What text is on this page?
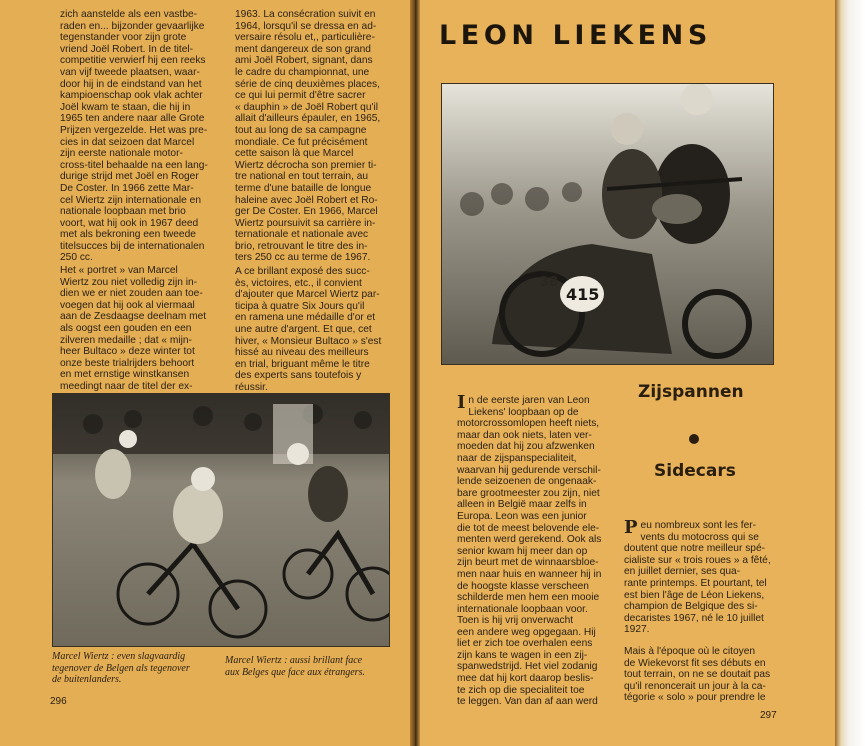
zich aanstelde als een vastbe-
raden en... bijzonder gevaarlijke
tegenstander voor zijn grote
vriend Joël Robert. In de titel-
competitie verwierf hij een reeks
van vijf tweede plaatsen, waar-
door hij in de eindstand van het
kampioenschap ook vlak achter
Joël kwam te staan, die hij in
1965 ten andere naar alle Grote
Prijzen vergezelde. Het was pre-
cies in dat seizoen dat Marcel
zijn eerste nationale motor-
cross-titel behaalde na een lang-
durige strijd met Joël en Roger
De Coster. In 1966 zette Mar-
cel Wiertz zijn internationale en
nationale loopbaan met brio
voort, wat hij ook in 1967 deed
met als bekroning een tweede
titelsucces bij de internationalen
250 cc.
Het « portret » van Marcel
Wiertz zou niet volledig zijn in-
dien we er niet zouden aan toe-
voegen dat hij ook al viermaal
aan de Zesdaagse deelnam met
als oogst een gouden en een
zilveren medaille ; dat « mijn-
heer Bultaco » deze winter tot
onze beste trialrijders behoort
en met ernstige winstkansen
meedingt naar de titel der ex-
1963. La consécration suivit en
1964, lorsqu'il se dressa en ad-
versaire résolu et,, particulière-
ment dangereux de son grand
ami Joël Robert, signant, dans
le cadre du championnat, une
série de cinq deuxièmes places,
ce qui lui permit d'être sacrer
« dauphin » de Joël Robert qu'il
allait d'ailleurs épauler, en 1965,
tout au long de sa campagne
mondiale. Ce fut précisément
cette saison là que Marcel
Wiertz décrocha son premier ti-
tre national en tout terrain, au
terme d'une bataille de longue
haleine avec Joël Robert et Ro-
ger De Coster. En 1966, Marcel
Wiertz poursuivit sa carrière in-
ternationale et nationale avec
brio, retrouvant le titre des in-
ters 250 cc au terme de 1967.
A ce brillant exposé des succ-
ès, victoires, etc., il convient
d'ajouter que Marcel Wiertz par-
ticipa à quatre Six Jours qu'il
en ramena une médaille d'or et
une autre d'argent. Et que, cet
hiver, « Monsieur Bultaco » s'est
hissé au niveau des meilleurs
en trial, briguant même le titre
des experts sans toutefois y
réussir.
Marcel Wiertz : even slagvaardig
tegenover de Belgen als tegenover
de buitenlanders.
Marcel Wiertz : aussi brillant face
aux Belges que face aux étrangers.
296
LEON LIEKENS
415
38
Zijspannen
Sidecars
I n de eerste jaren van Leon
Liekens' loopbaan op de
motorcrossomlopen heeft niets,
maar dan ook niets, laten ver-
moeden dat hij zou afzwenken
naar de zijspanspecialiteit,
waarvan hij gedurende verschil-
lende seizoenen de ongenaak-
bare grootmeester zou zijn, niet
alleen in België maar zelfs in
Europa. Leon was een junior
die tot de meest belovende ele-
menten werd gerekend. Ook als
senior kwam hij meer dan op
zijn beurt met de winnaarsbloe-
men naar huis en wanneer hij in
de hoogste klasse verscheen
schilderde men hem een mooie
internationale loopbaan voor.
Toen is hij vrij onverwacht
een andere weg opgegaan. Hij
liet er zich toe overhalen eens
zijn kans te wagen in een zij-
spanwedstrijd. Het viel zodanig
mee dat hij kort daarop beslis-
te zich op die specialiteit toe
te leggen. Van dan af aan werd
P eu nombreux sont les fer-
vents du motocross qui se
doutent que notre meilleur spé-
cialiste sur « trois roues » a fêté,
en juillet dernier, ses qua-
rante printemps. Et pourtant, tel
est bien l'âge de Léon Liekens,
champion de Belgique des si-
decaristes 1967, né le 10 juillet
1927.
Mais à l'époque où le citoyen
de Wiekevorst fit ses débuts en
tout terrain, on ne se doutait pas
qu'il renoncerait un jour à la ca-
tégorie « solo » pour prendre le
297
